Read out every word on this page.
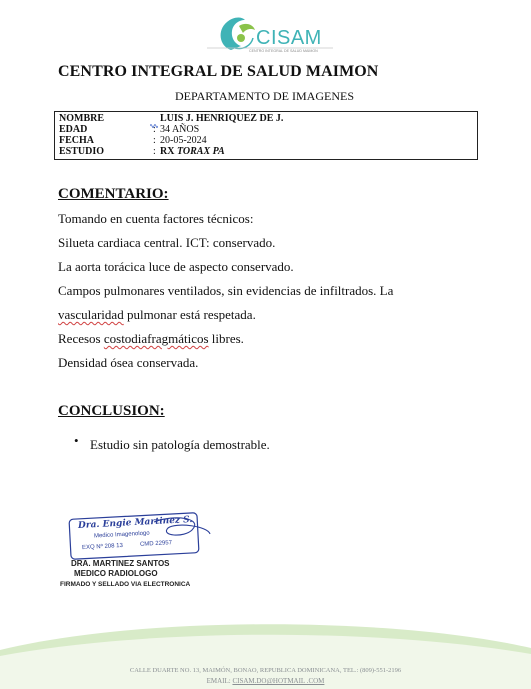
CISAM
CENTRO INTEGRAL DE SALUD MAIMON
CENTRO INTEGRAL DE SALUD MAIMON
DEPARTAMENTO DE IMAGENES
NOMBRE	LUIS J. HENRIQUEZ DE J.
EDAD	: 34 AÑOS
FECHA	: 20-05-2024
ESTUDIO	: RX TORAX PA
COMENTARIO:
Tomando en cuenta factores técnicos:
Silueta cardiaca central. ICT: conservado.
La aorta torácica luce de aspecto conservado.
Campos pulmonares ventilados, sin evidencias de infiltrados. La
vascularidad pulmonar está respetada.
Recesos costodiafragmáticos libres.
Densidad ósea conservada.
CONCLUSION:
• Estudio sin patología demostrable.
Dra. Engie Martinez S.
Medico Imagenologo
EXQ Nº 208 13	CMD 22957
DRA. MARTINEZ SANTOS
MEDICO RADIOLOGO
FIRMADO Y SELLADO VIA ELECTRONICA
CALLE DUARTE NO. 13, MAIMÓN, BONAO, REPUBLICA DOMINICANA, TEL.: (809)-551-2196
EMAIL: CISAM.DO@HOTMAIL .COM
